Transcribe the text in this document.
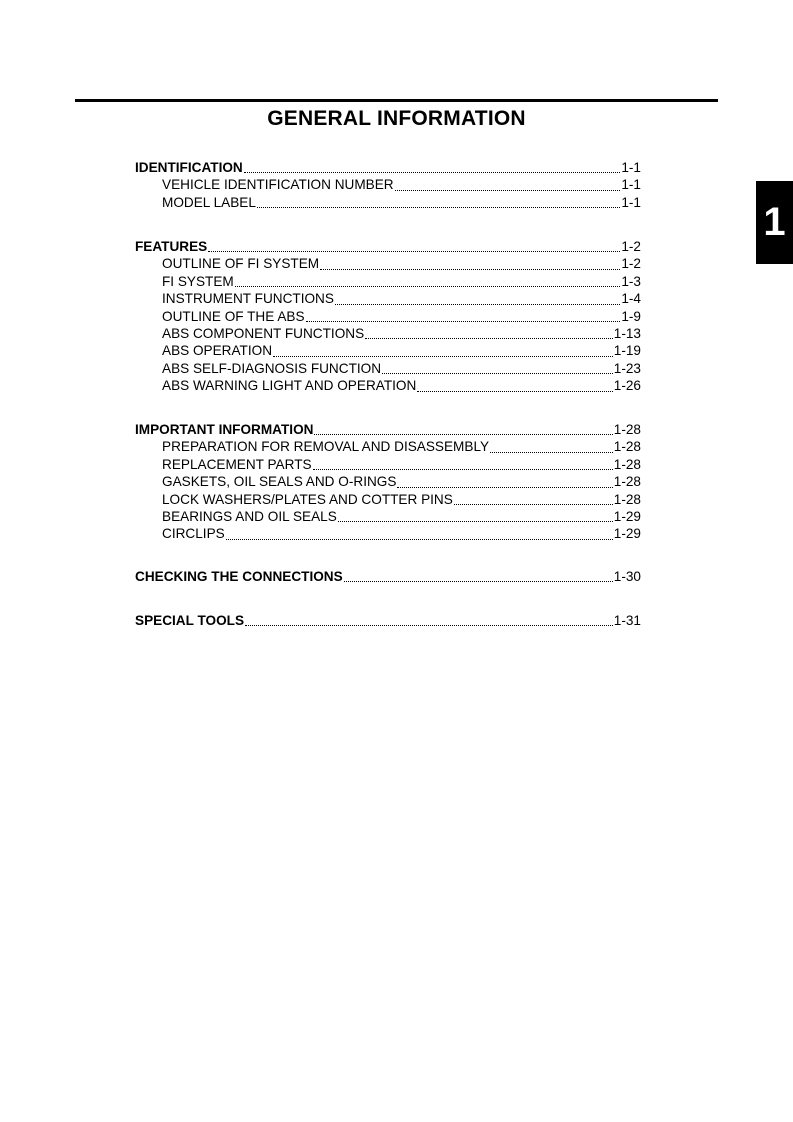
GENERAL INFORMATION
1
IDENTIFICATION	1-1
VEHICLE IDENTIFICATION NUMBER	1-1
MODEL LABEL	1-1
FEATURES	1-2
OUTLINE OF FI SYSTEM	1-2
FI SYSTEM	1-3
INSTRUMENT FUNCTIONS	1-4
OUTLINE OF THE ABS	1-9
ABS COMPONENT FUNCTIONS	1-13
ABS OPERATION	1-19
ABS SELF-DIAGNOSIS FUNCTION	1-23
ABS WARNING LIGHT AND OPERATION	1-26
IMPORTANT INFORMATION	1-28
PREPARATION FOR REMOVAL AND DISASSEMBLY	1-28
REPLACEMENT PARTS	1-28
GASKETS, OIL SEALS AND O-RINGS	1-28
LOCK WASHERS/PLATES AND COTTER PINS	1-28
BEARINGS AND OIL SEALS	1-29
CIRCLIPS	1-29
CHECKING THE CONNECTIONS	1-30
SPECIAL TOOLS	1-31
